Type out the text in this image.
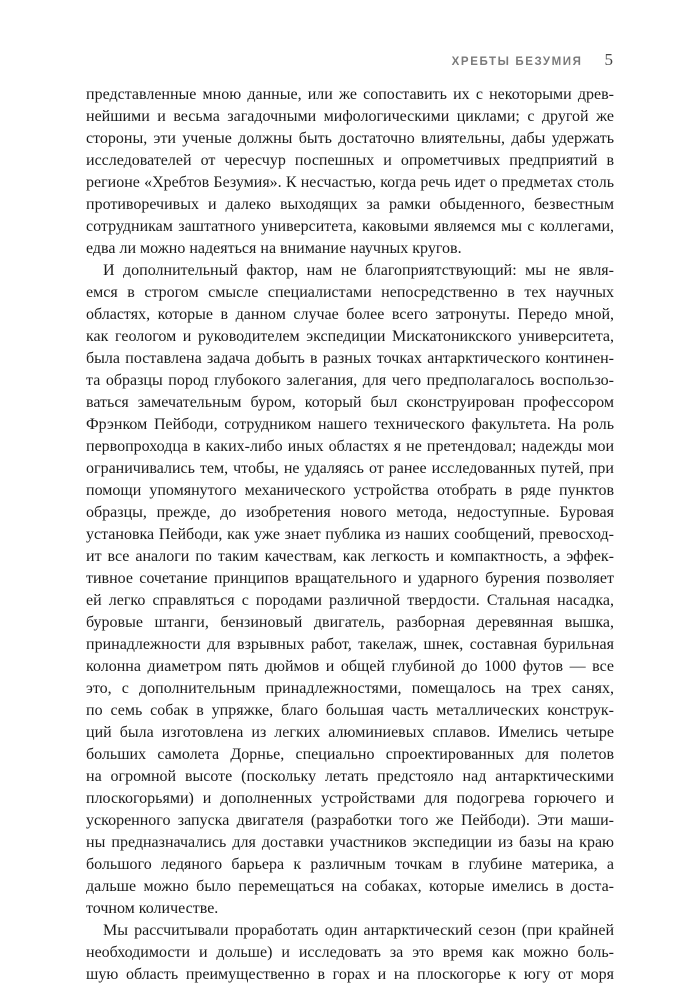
ХРЕБТЫ БЕЗУМИЯ 5
представленные мною данные, или же сопоставить их с некоторыми древ-
нейшими и весьма загадочными мифологическими циклами; с другой же
стороны, эти ученые должны быть достаточно влиятельны, дабы удержать
исследователей от чересчур поспешных и опрометчивых предприятий в
регионе «Хребтов Безумия». К несчастью, когда речь идет о предметах столь
противоречивых и далеко выходящих за рамки обыденного, безвестным
сотрудникам заштатного университета, каковыми являемся мы с коллегами,
едва ли можно надеяться на внимание научных кругов.
И дополнительный фактор, нам не благоприятствующий: мы не явля-
емся в строгом смысле специалистами непосредственно в тех научных
областях, которые в данном случае более всего затронуты. Передо мной,
как геологом и руководителем экспедиции Мискатоникского университета,
была поставлена задача добыть в разных точках антарктического континен-
та образцы пород глубокого залегания, для чего предполагалось воспользо-
ваться замечательным буром, который был сконструирован профессором
Фрэнком Пейбоди, сотрудником нашего технического факультета. На роль
первопроходца в каких-либо иных областях я не претендовал; надежды мои
ограничивались тем, чтобы, не удаляясь от ранее исследованных путей, при
помощи упомянутого механического устройства отобрать в ряде пунктов
образцы, прежде, до изобретения нового метода, недоступные. Буровая
установка Пейбоди, как уже знает публика из наших сообщений, превосход-
ит все аналоги по таким качествам, как легкость и компактность, а эффек-
тивное сочетание принципов вращательного и ударного бурения позволяет
ей легко справляться с породами различной твердости. Стальная насадка,
буровые штанги, бензиновый двигатель, разборная деревянная вышка,
принадлежности для взрывных работ, такелаж, шнек, составная бурильная
колонна диаметром пять дюймов и общей глубиной до 1000 футов — все
это, с дополнительным принадлежностями, помещалось на трех санях,
по семь собак в упряжке, благо большая часть металлических конструк-
ций была изготовлена из легких алюминиевых сплавов. Имелись четыре
больших самолета Дорнье, специально спроектированных для полетов
на огромной высоте (поскольку летать предстояло над антарктическими
плоскогорьями) и дополненных устройствами для подогрева горючего и
ускоренного запуска двигателя (разработки того же Пейбоди). Эти маши-
ны предназначались для доставки участников экспедиции из базы на краю
большого ледяного барьера к различным точкам в глубине материка, а
дальше можно было перемещаться на собаках, которые имелись в доста-
точном количестве.
Мы рассчитывали проработать один антарктический сезон (при крайней
необходимости и дольше) и исследовать за это время как можно боль-
шую область преимущественно в горах и на плоскогорье к югу от моря
